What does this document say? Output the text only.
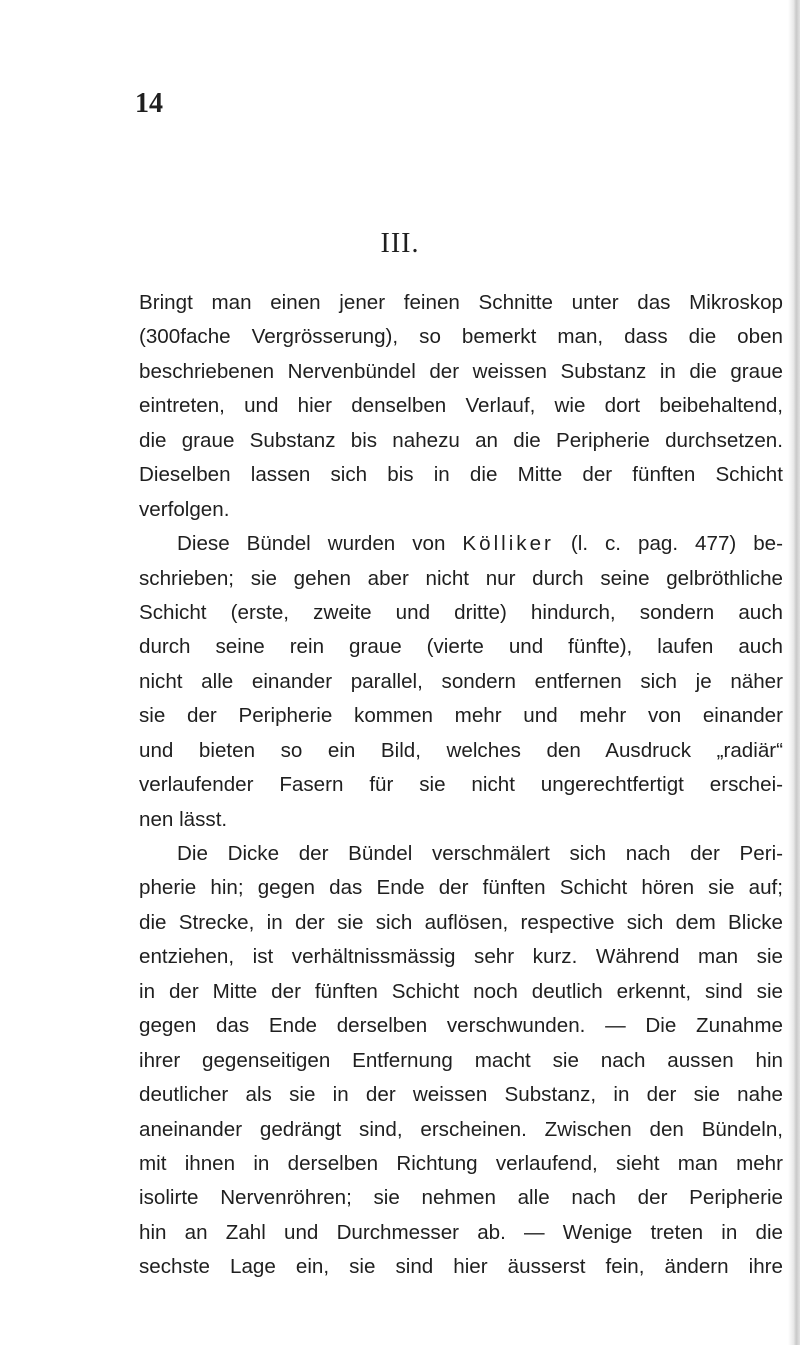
14
III.
Bringt man einen jener feinen Schnitte unter das Mikroskop
(300fache Vergrösserung), so bemerkt man, dass die oben
beschriebenen Nervenbündel der weissen Substanz in die graue
eintreten, und hier denselben Verlauf, wie dort beibehaltend,
die graue Substanz bis nahezu an die Peripherie durchsetzen.
Dieselben lassen sich bis in die Mitte der fünften Schicht
verfolgen.
Diese Bündel wurden von Kölliker (l. c. pag. 477) be-
schrieben; sie gehen aber nicht nur durch seine gelbröthliche
Schicht (erste, zweite und dritte) hindurch, sondern auch
durch seine rein graue (vierte und fünfte), laufen auch
nicht alle einander parallel, sondern entfernen sich je näher
sie der Peripherie kommen mehr und mehr von einander
und bieten so ein Bild, welches den Ausdruck „radiär“
verlaufender Fasern für sie nicht ungerechtfertigt erschei-
nen lässt.
Die Dicke der Bündel verschmälert sich nach der Peri-
pherie hin; gegen das Ende der fünften Schicht hören sie auf;
die Strecke, in der sie sich auflösen, respective sich dem Blicke
entziehen, ist verhältnissmässig sehr kurz. Während man sie
in der Mitte der fünften Schicht noch deutlich erkennt, sind sie
gegen das Ende derselben verschwunden. — Die Zunahme
ihrer gegenseitigen Entfernung macht sie nach aussen hin
deutlicher als sie in der weissen Substanz, in der sie nahe
aneinander gedrängt sind, erscheinen. Zwischen den Bündeln,
mit ihnen in derselben Richtung verlaufend, sieht man mehr
isolirte Nervenröhren; sie nehmen alle nach der Peripherie
hin an Zahl und Durchmesser ab. — Wenige treten in die
sechste Lage ein, sie sind hier äusserst fein, ändern ihre
